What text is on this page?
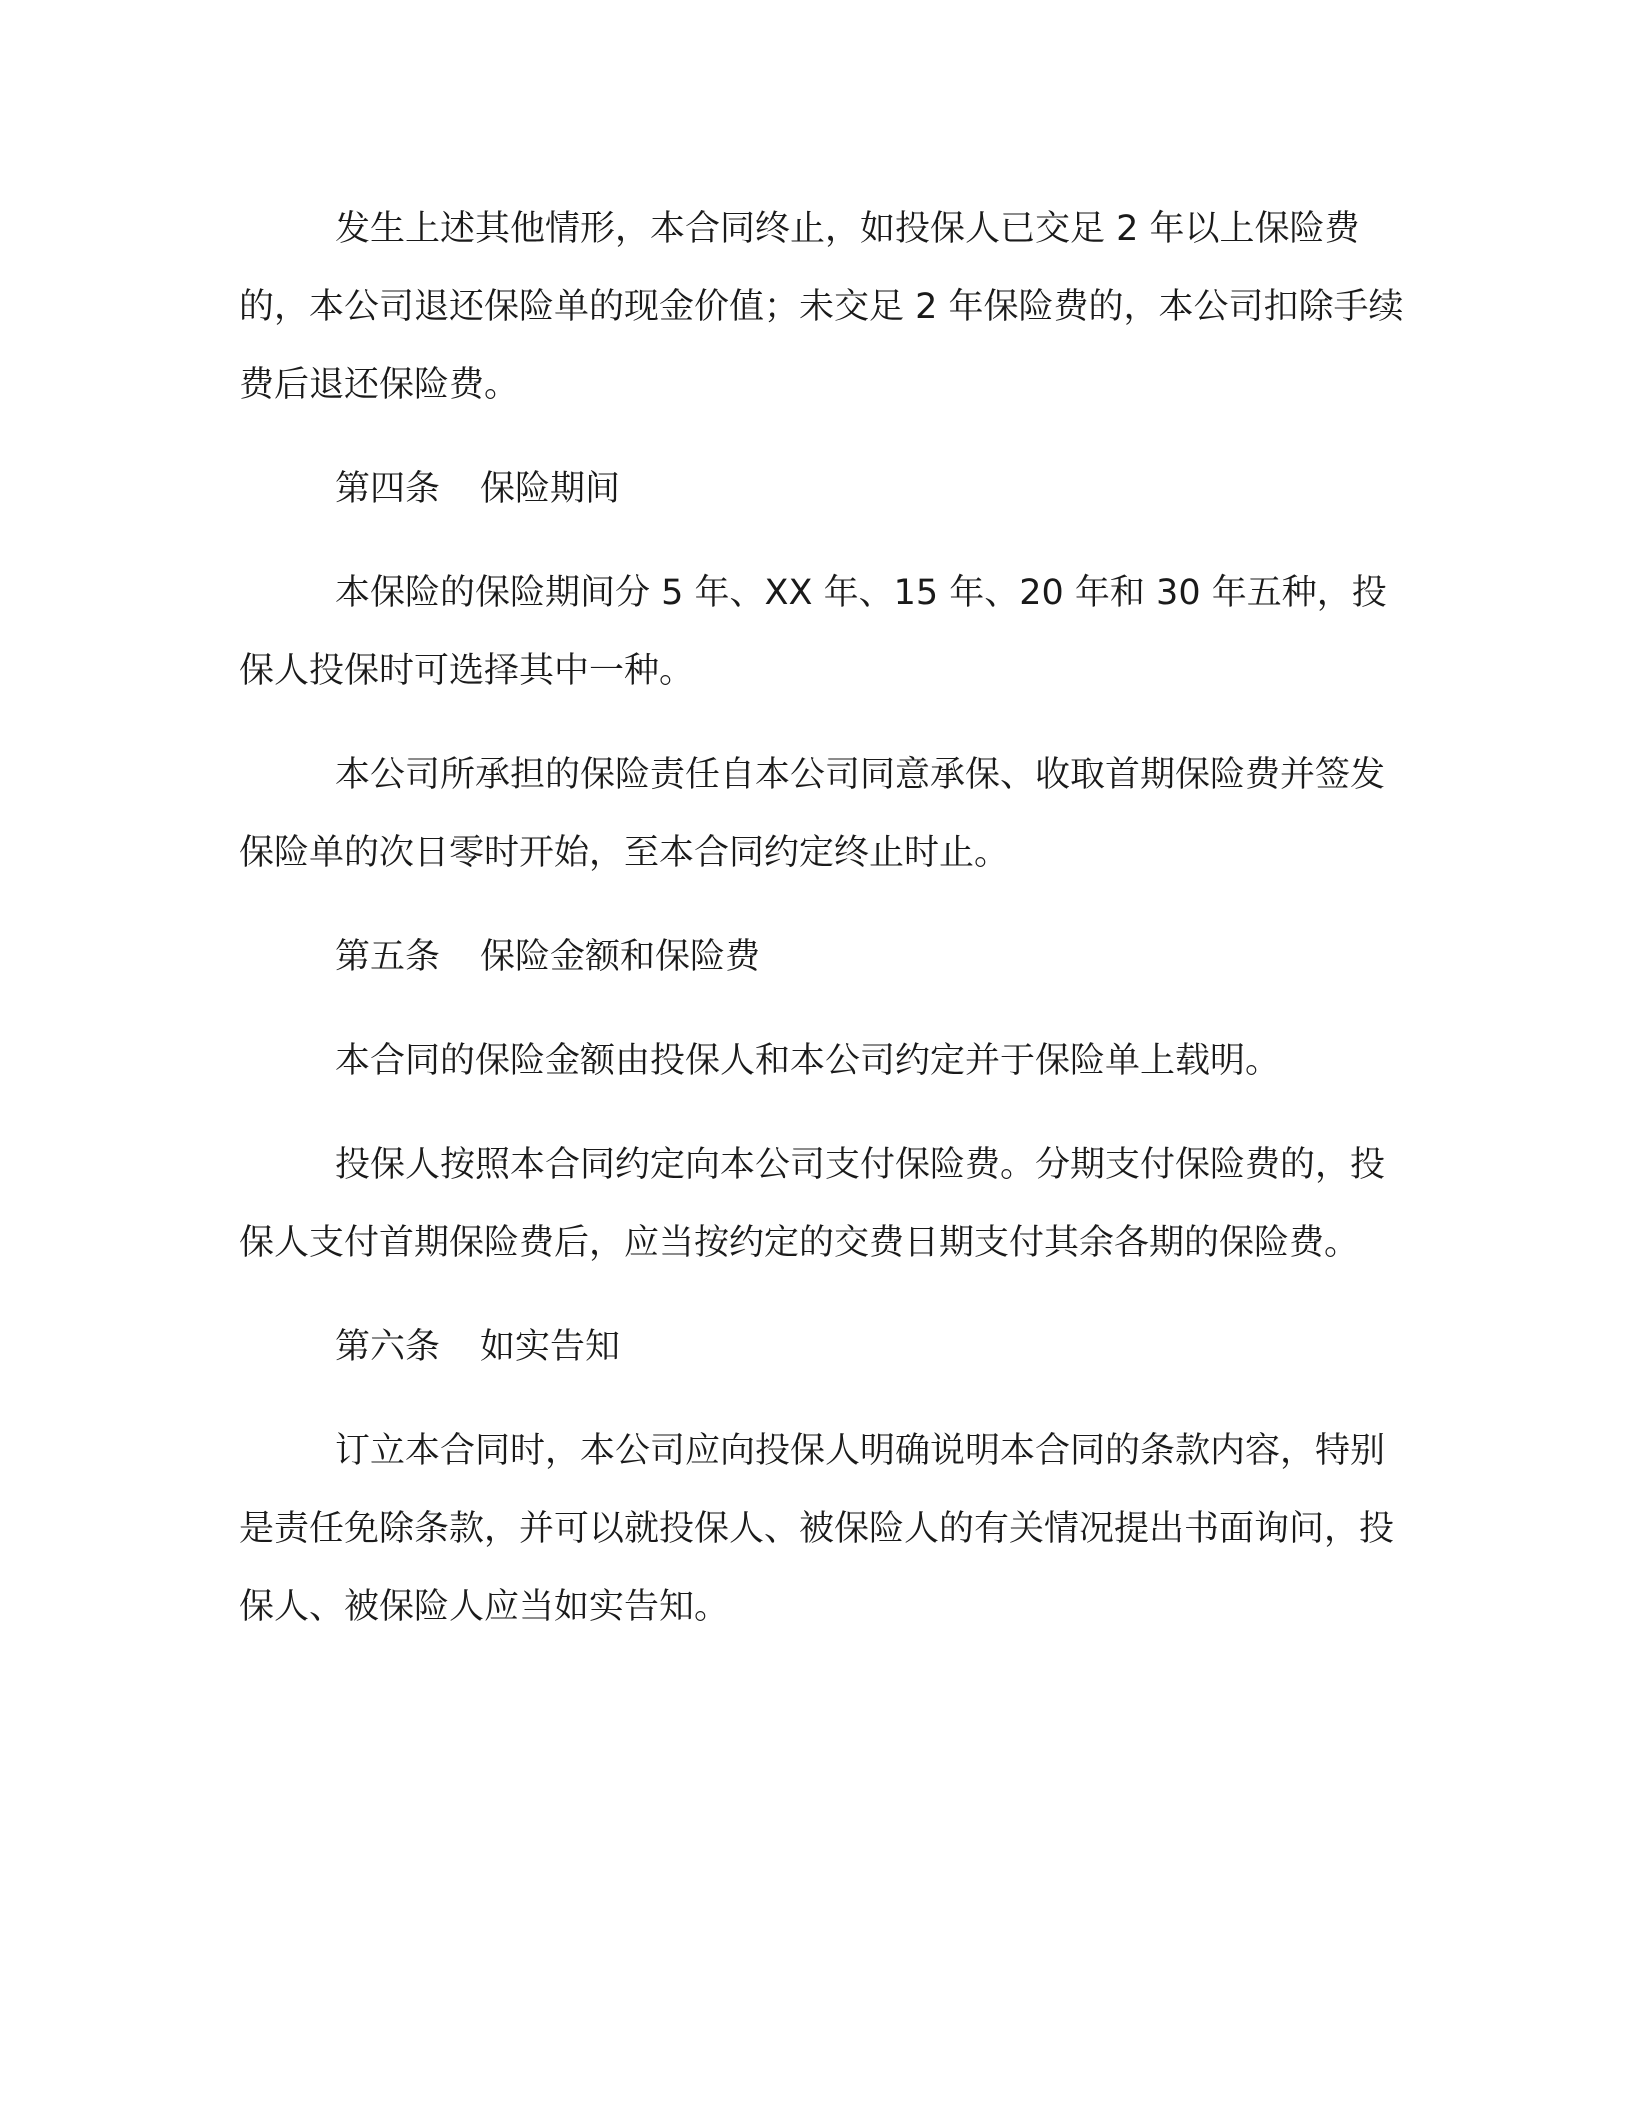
发生上述其他情形，本合同终止，如投保人已交足 2 年以上保险费的，本公司退还保险单的现金价值；未交足 2 年保险费的，本公司扣除手续费后退还保险费。

第四条 保险期间

本保险的保险期间分 5 年、XX 年、15 年、20 年和 30 年五种，投保人投保时可选择其中一种。

本公司所承担的保险责任自本公司同意承保、收取首期保险费并签发保险单的次日零时开始，至本合同约定终止时止。

第五条 保险金额和保险费

本合同的保险金额由投保人和本公司约定并于保险单上载明。

投保人按照本合同约定向本公司支付保险费。分期支付保险费的，投保人支付首期保险费后，应当按约定的交费日期支付其余各期的保险费。

第六条 如实告知

订立本合同时，本公司应向投保人明确说明本合同的条款内容，特别是责任免除条款，并可以就投保人、被保险人的有关情况提出书面询问，投保人、被保险人应当如实告知。
